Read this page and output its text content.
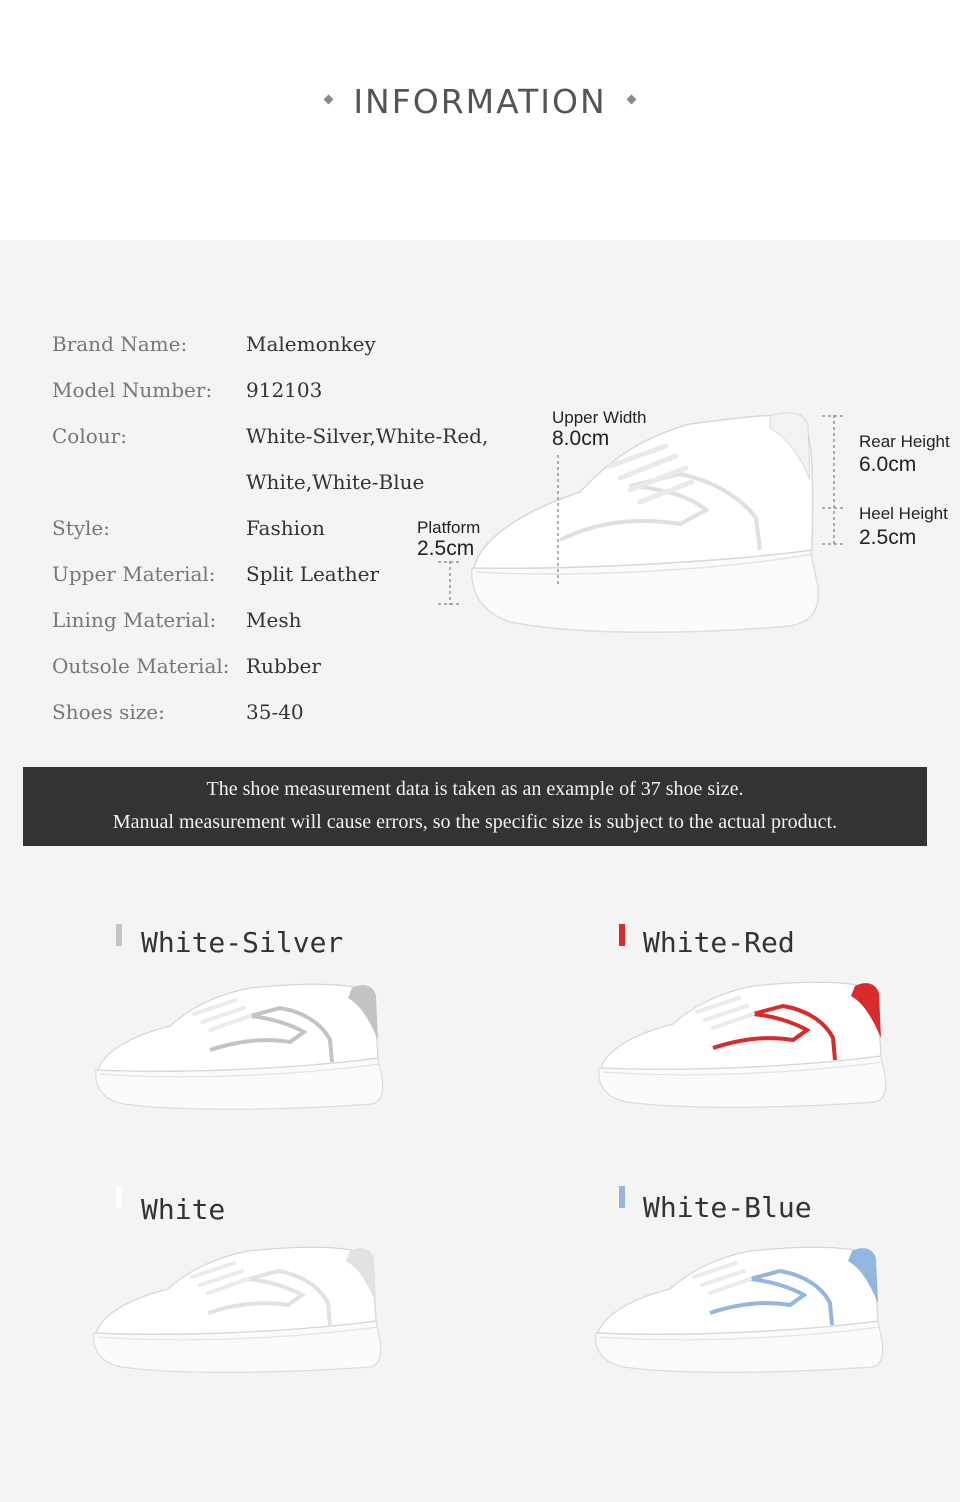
INFORMATION
Brand Name:	Malemonkey
Model Number: 912103
Colour:	White-Silver,White-Red,
White,White-Blue
Style:	Fashion
Upper Material: Split Leather
Lining Material: Mesh
Outsole Material: Rubber
Shoes size:	35-40
Upper Width
8.0cm
Platform
2.5cm
Rear Height
6.0cm
Heel Height
2.5cm
The shoe measurement data is taken as an example of 37 shoe size.
Manual measurement will cause errors, so the specific size is subject to the actual product.
White-Silver	White-Red
White	White-Blue
